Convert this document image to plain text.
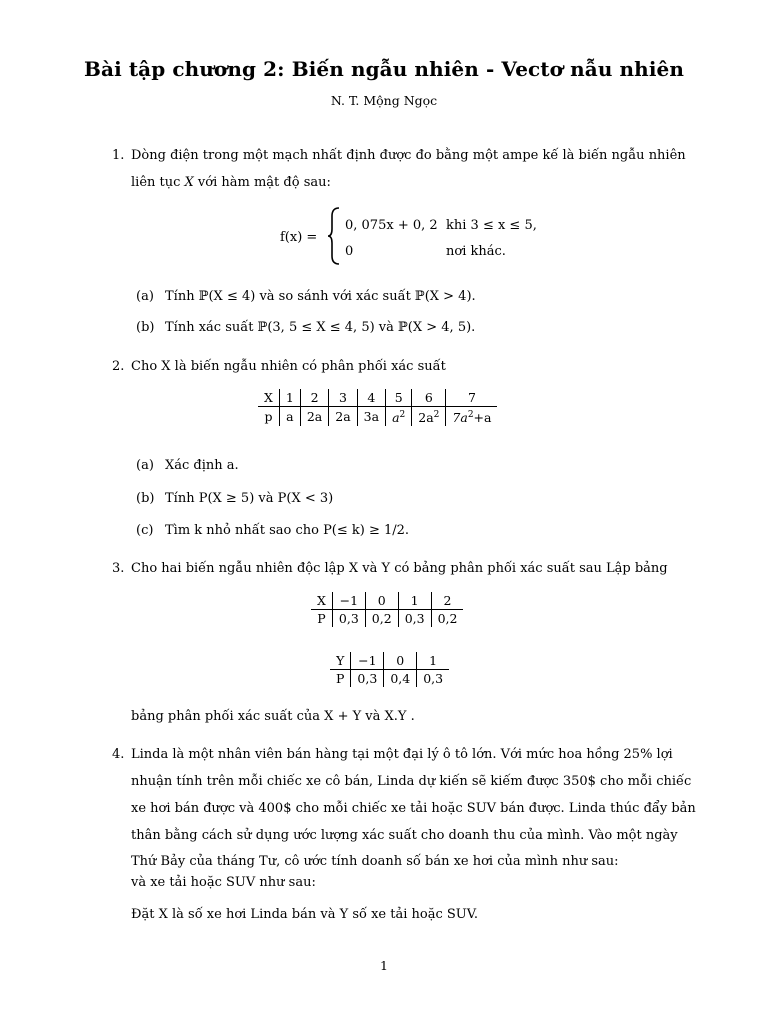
Bài tập chương 2: Biến ngẫu nhiên - Vectơ nẫu nhiên
N. T. Mộng Ngọc
1. Dòng điện trong một mạch nhất định được đo bằng một ampe kế là biến ngẫu nhiên
liên tục X với hàm mật độ sau:
f(x) =
0, 075x + 0, 2 khi 3 ≤ x ≤ 5,
0	nơi khác.
(a) Tính ℙ(X ≤ 4) và so sánh với xác suất ℙ(X > 4).
(b) Tính xác suất ℙ(3, 5 ≤ X ≤ 4, 5) và ℙ(X > 4, 5).
2. Cho X là biến ngẫu nhiên có phân phối xác suất
X	1	2	3	4	5	6	7
p	a	2a	2a	3a	$a^2$	$2a^2$	$7a^2+a$
(a) Xác định a.
(b) Tính P(X ≥ 5) và P(X < 3)
(c) Tìm k nhỏ nhất sao cho P(≤ k) ≥ 1/2.
3. Cho hai biến ngẫu nhiên độc lập X và Y có bảng phân phối xác suất sau Lập bảng
X	−1	0	1	2
P	0,3	0,2	0,3	0,2
Y	−1	0	1
P	0,3	0,4	0,3
bảng phân phối xác suất của X + Y và X.Y .
4. Linda là một nhân viên bán hàng tại một đại lý ô tô lớn. Với mức hoa hồng 25% lợi
nhuận tính trên mỗi chiếc xe cô bán, Linda dự kiến sẽ kiếm được 350$ cho mỗi chiếc
xe hơi bán được và 400$ cho mỗi chiếc xe tải hoặc SUV bán được. Linda thúc đẩy bản
thân bằng cách sử dụng ước lượng xác suất cho doanh thu của mình. Vào một ngày
Thứ Bảy của tháng Tư, cô ước tính doanh số bán xe hơi của mình như sau:
và xe tải hoặc SUV như sau:
Đặt X là số xe hơi Linda bán và Y số xe tải hoặc SUV.
1
